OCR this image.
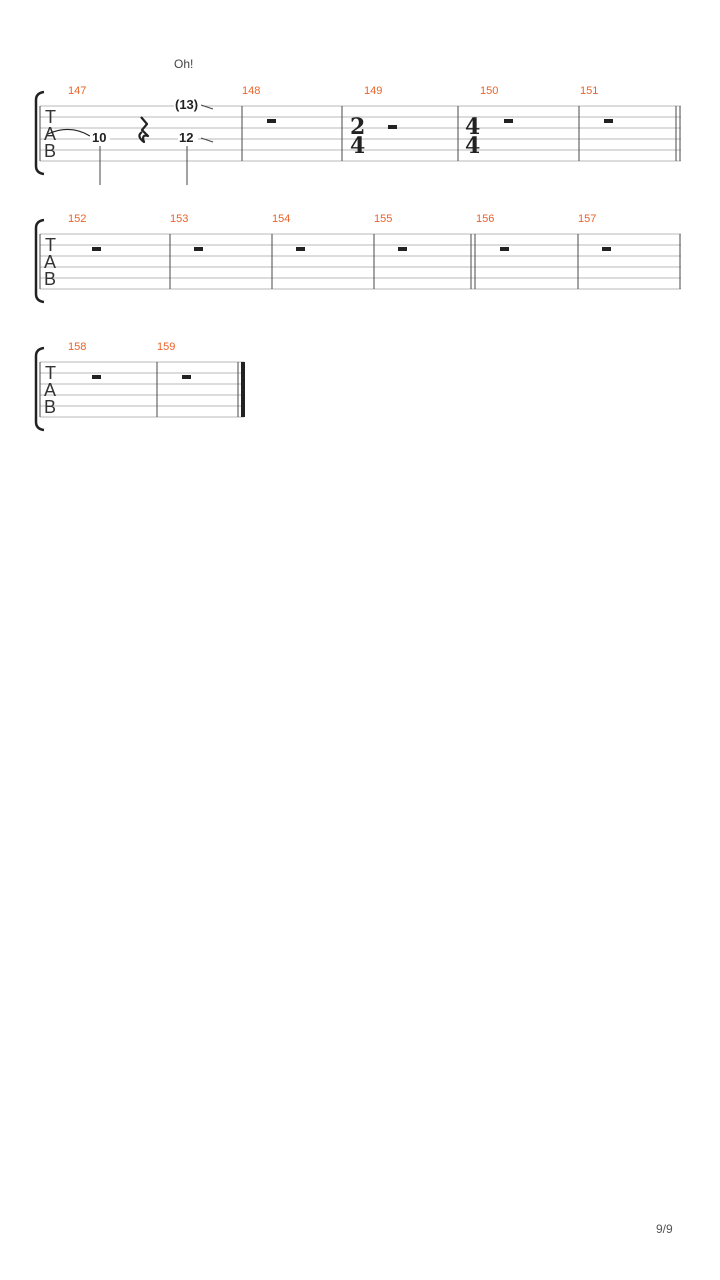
T
A
B
147	148	149	150	151
Oh!
10
(13)
12	2
4
4
4
T
A
B
152	153	154	155	156	157
T
A
B
158	159
9/9
